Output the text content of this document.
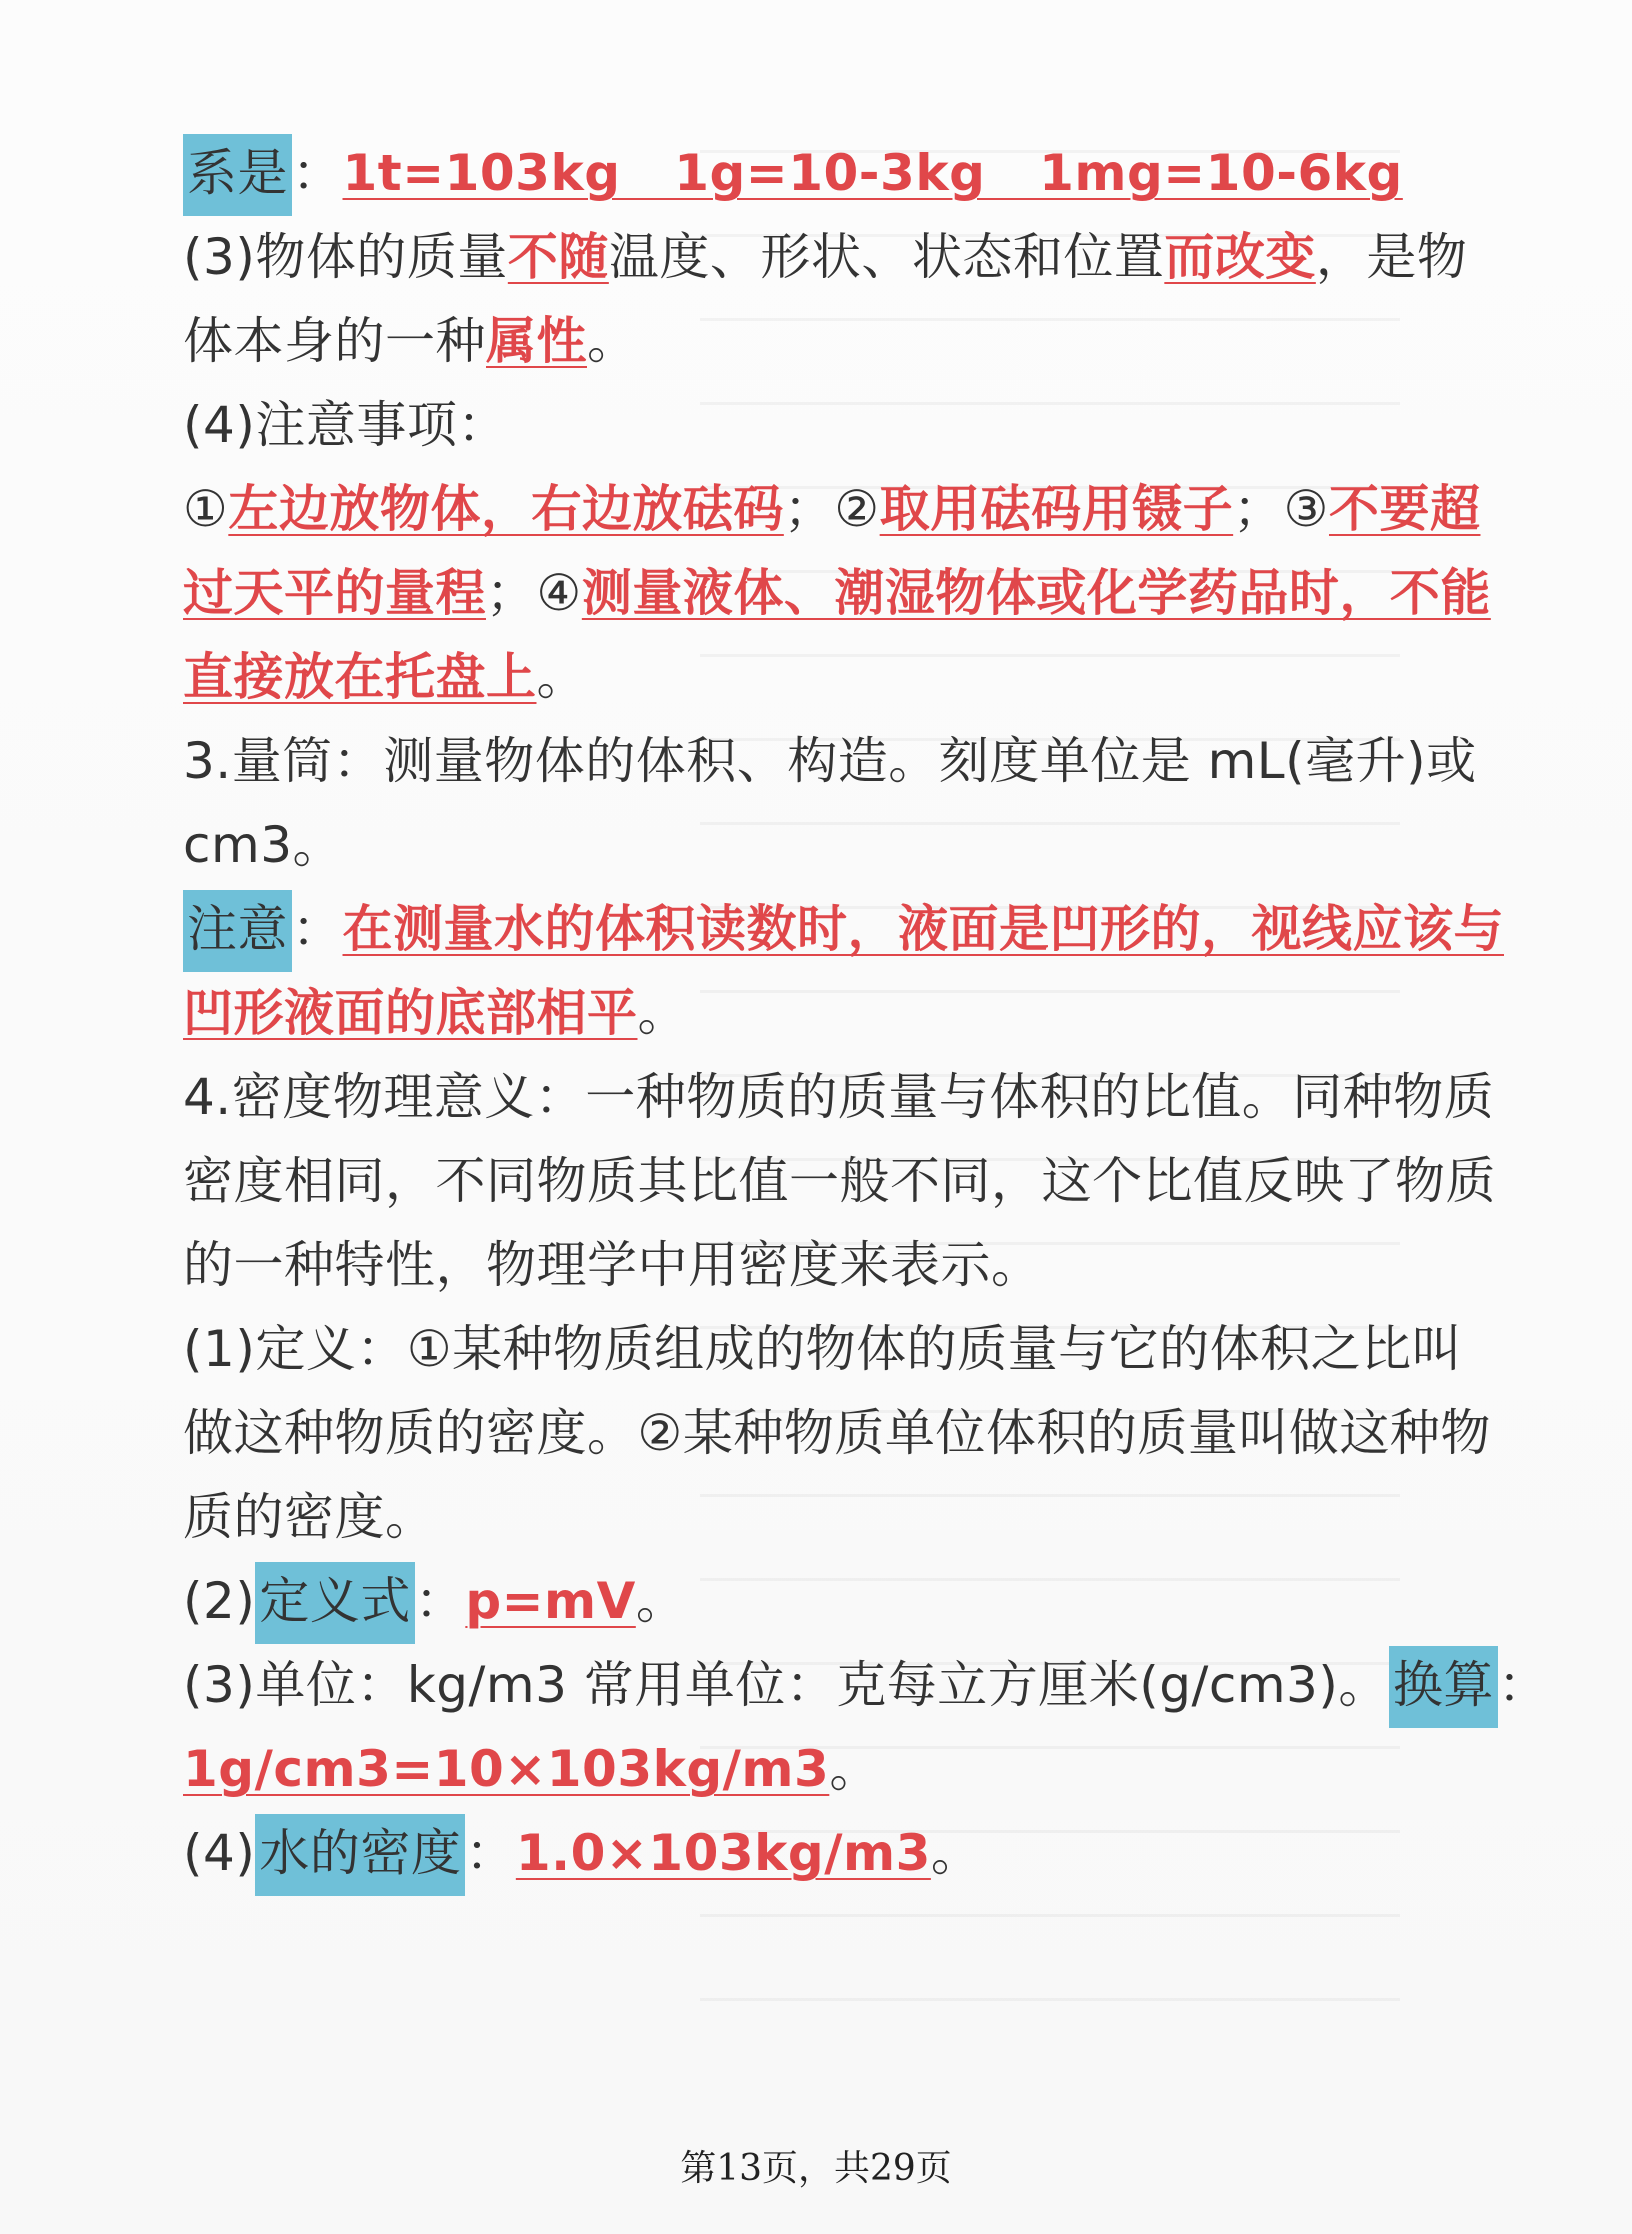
系是：1t=103kg   1g=10-3kg   1mg=10-6kg
(3)物体的质量不随温度、形状、状态和位置而改变，是物
体本身的一种属性。
(4)注意事项：
①左边放物体，右边放砝码；②取用砝码用镊子；③不要超
过天平的量程；④测量液体、潮湿物体或化学药品时，不能
直接放在托盘上。
3.量筒：测量物体的体积、构造。刻度单位是 mL(毫升)或
cm3。
注意：在测量水的体积读数时，液面是凹形的，视线应该与
凹形液面的底部相平。
4.密度物理意义：一种物质的质量与体积的比值。同种物质
密度相同，不同物质其比值一般不同，这个比值反映了物质
的一种特性，物理学中用密度来表示。
(1)定义：①某种物质组成的物体的质量与它的体积之比叫
做这种物质的密度。②某种物质单位体积的质量叫做这种物
质的密度。
(2)定义式：p=mV。
(3)单位：kg/m3 常用单位：克每立方厘米(g/cm3)。换算：
1g/cm3=10×103kg/m3。
(4)水的密度：1.0×103kg/m3。
第13页，共29页
